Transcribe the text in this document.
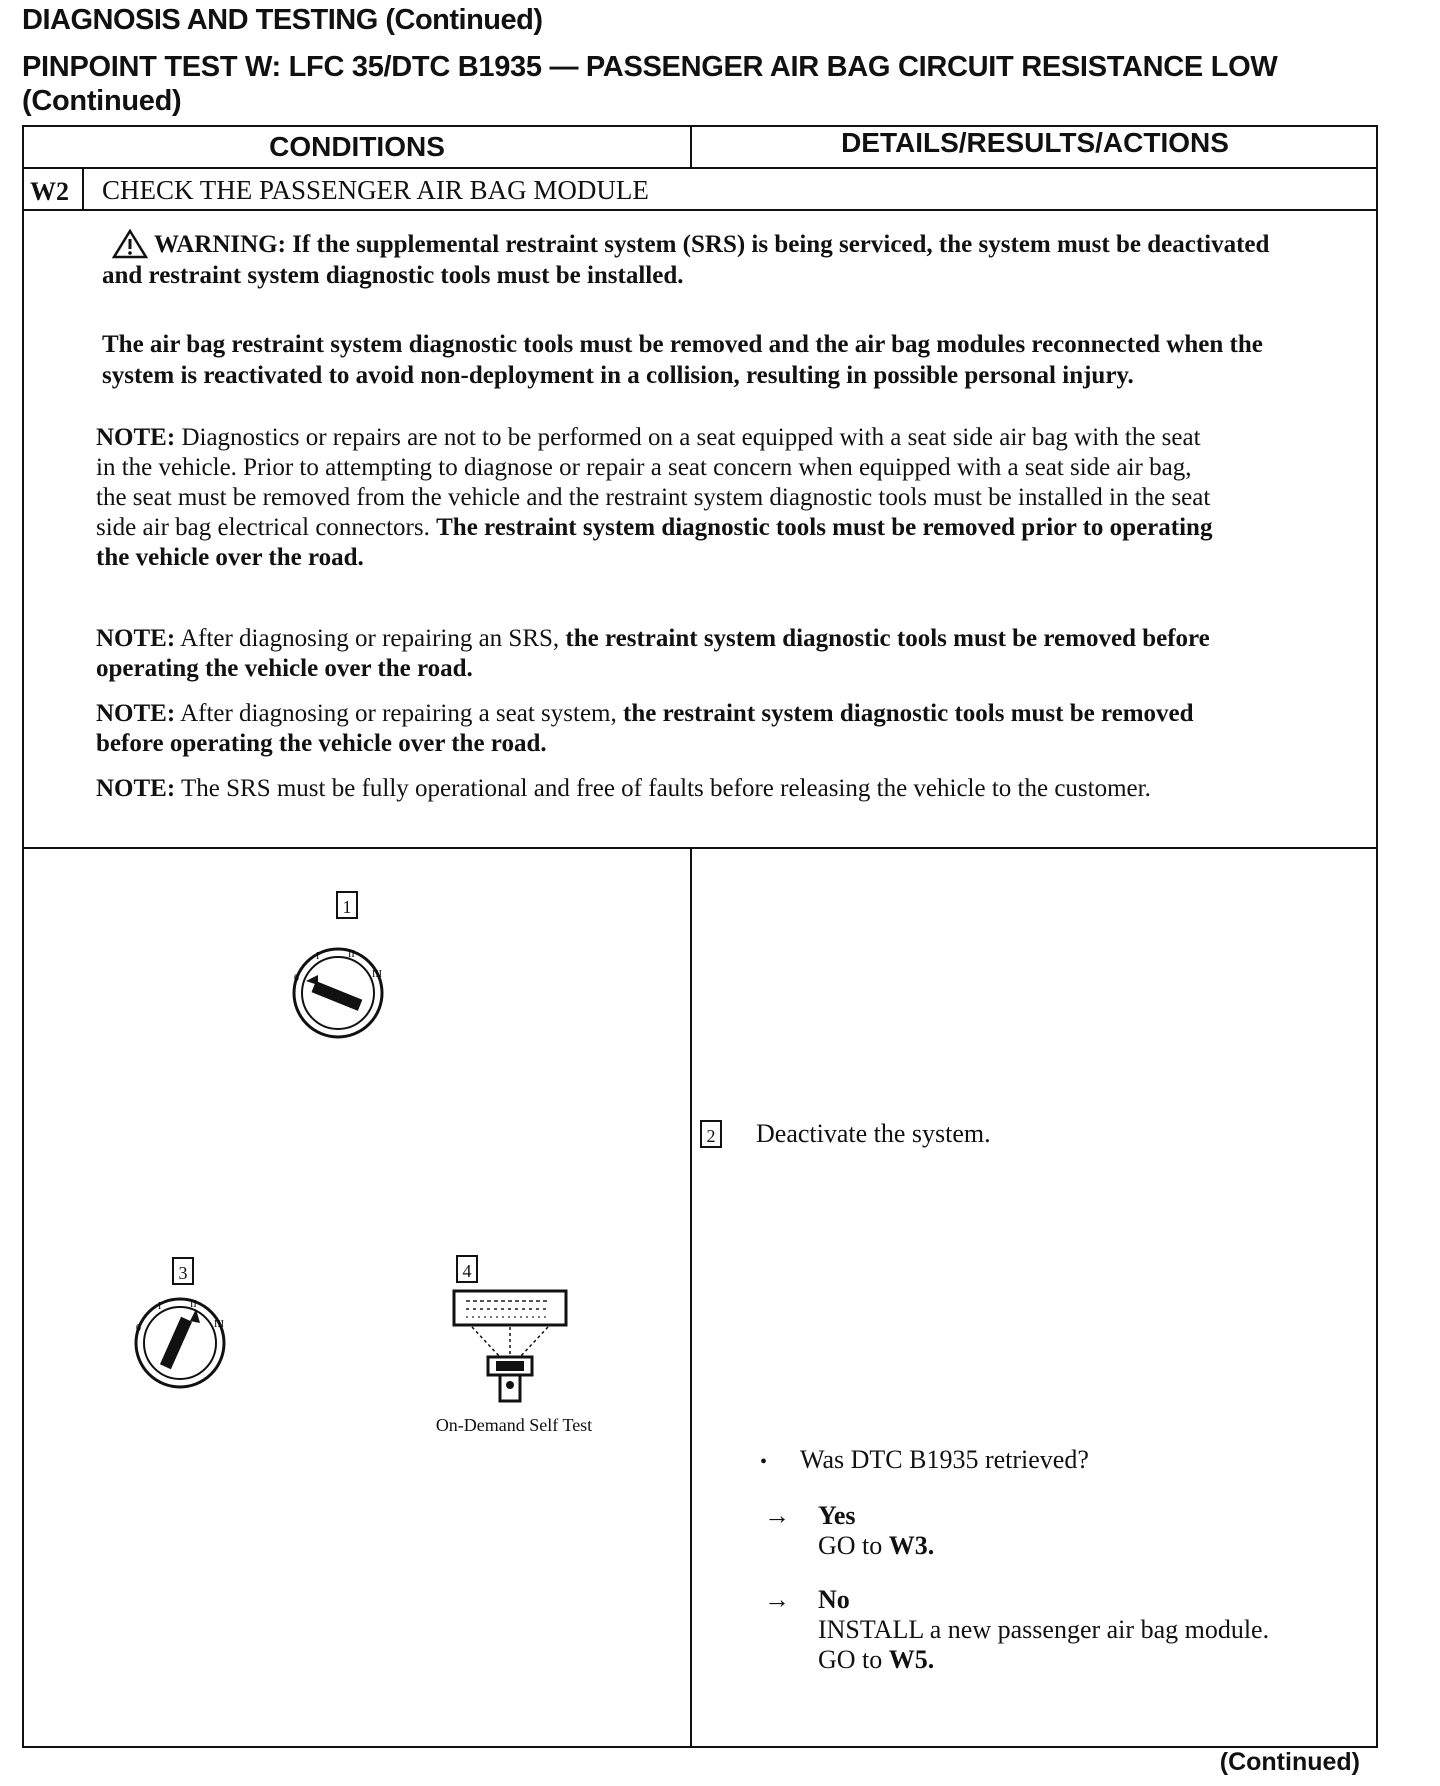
DIAGNOSIS AND TESTING (Continued)
PINPOINT TEST W: LFC 35/DTC B1935 — PASSENGER AIR BAG CIRCUIT RESISTANCE LOW (Continued)
CONDITIONS	DETAILS/RESULTS/ACTIONS
W2 CHECK THE PASSENGER AIR BAG MODULE
WARNING: If the supplemental restraint system (SRS) is being serviced, the system must be deactivated and restraint system diagnostic tools must be installed.
The air bag restraint system diagnostic tools must be removed and the air bag modules reconnected when the system is reactivated to avoid non-deployment in a collision, resulting in possible personal injury.
NOTE: Diagnostics or repairs are not to be performed on a seat equipped with a seat side air bag with the seat in the vehicle. Prior to attempting to diagnose or repair a seat concern when equipped with a seat side air bag, the seat must be removed from the vehicle and the restraint system diagnostic tools must be installed in the seat side air bag electrical connectors. The restraint system diagnostic tools must be removed prior to operating the vehicle over the road.
NOTE: After diagnosing or repairing an SRS, the restraint system diagnostic tools must be removed before operating the vehicle over the road.
NOTE: After diagnosing or repairing a seat system, the restraint system diagnostic tools must be removed before operating the vehicle over the road.
NOTE: The SRS must be fully operational and free of faults before releasing the vehicle to the customer.
1
0
I	II
III
2 Deactivate the system.
3
0
I	II
III
4
On-Demand Self Test
• Was DTC B1935 retrieved?
→ Yes
GO to W3.
→ No
INSTALL a new passenger air bag module.
GO to W5.
(Continued)
